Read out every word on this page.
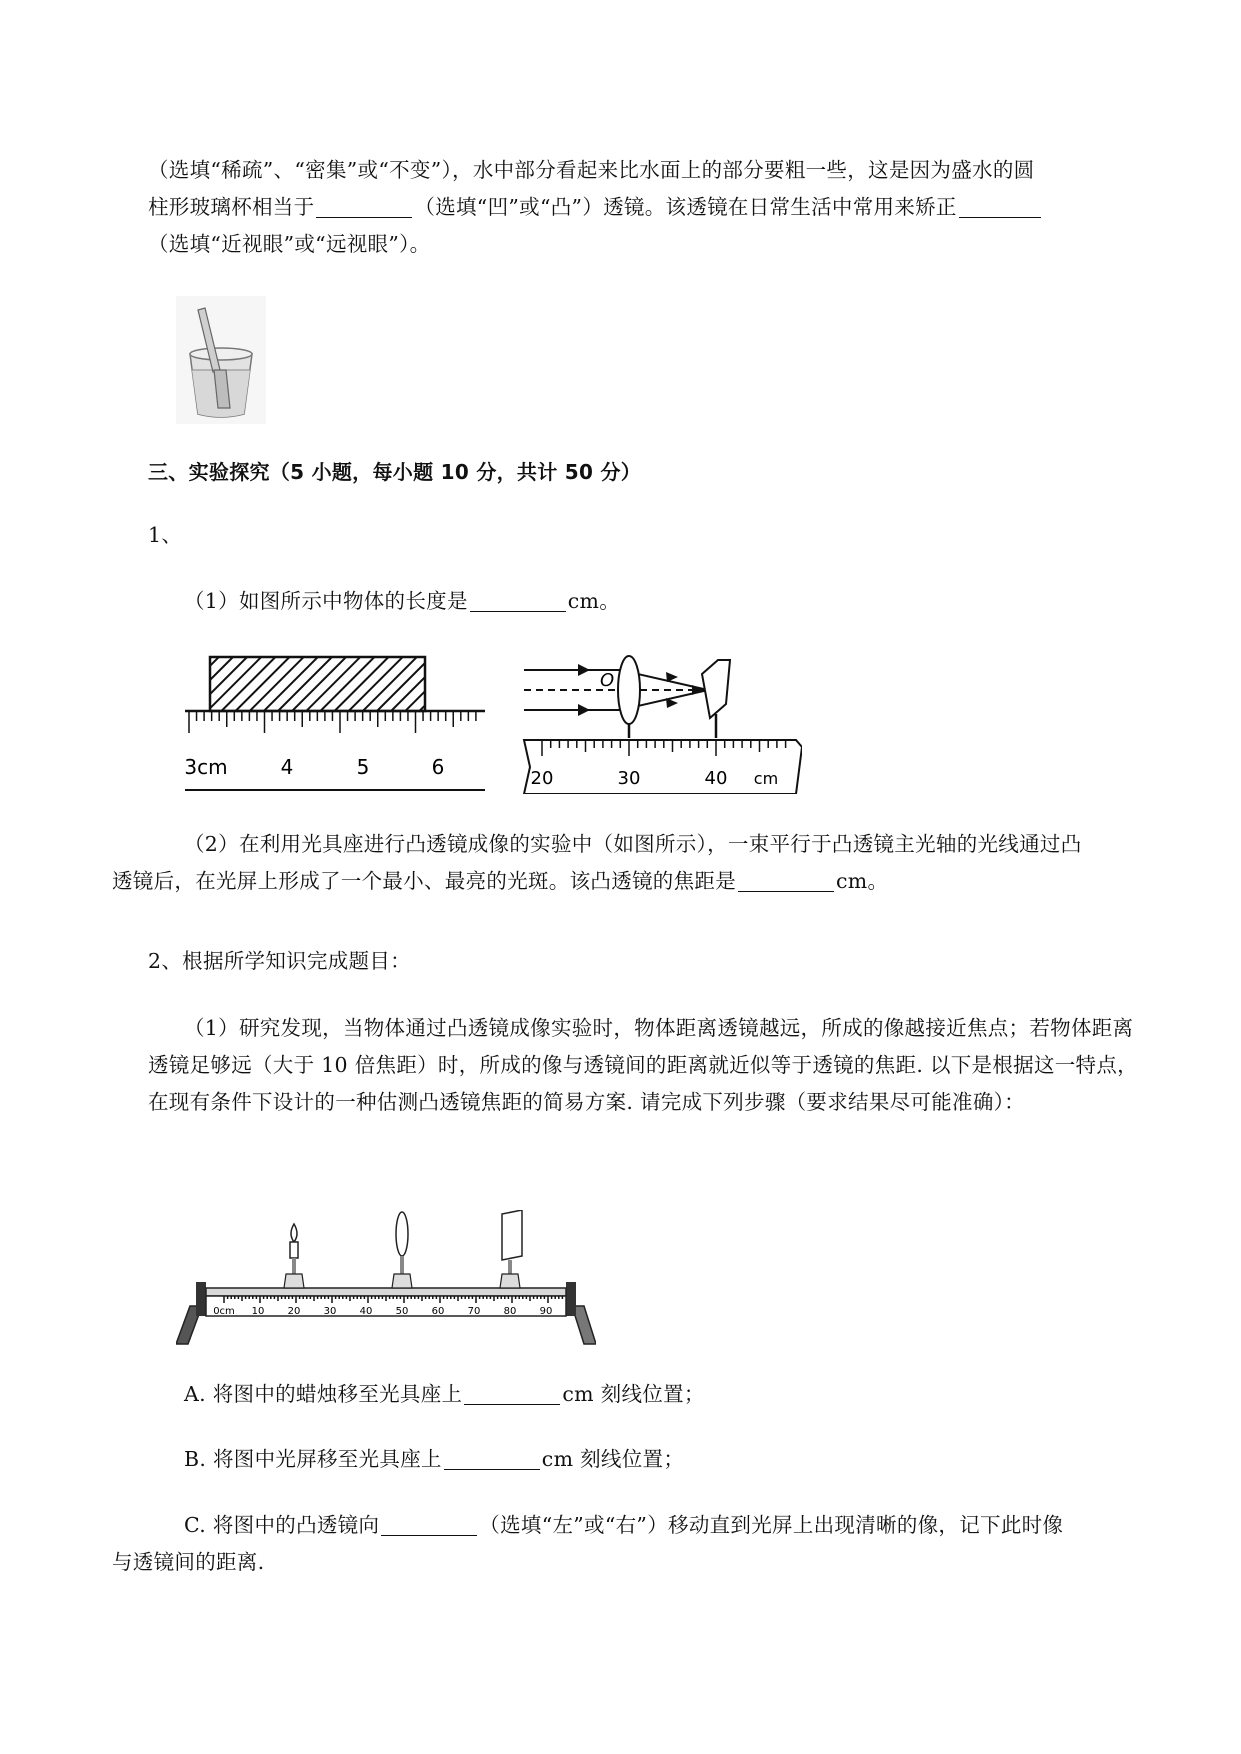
（选填“稀疏”、“密集”或“不变”），水中部分看起来比水面上的部分要粗一些，这是因为盛水的圆
柱形玻璃杯相当于	（选填“凹”或“凸”）透镜。该透镜在日常生活中常用来矫正
（选填“近视眼”或“远视眼”）。

三、实验探究（5 小题，每小题 10 分，共计 50 分）

1、

（1）如图所示中物体的长度是	cm。

3cm	4	5	6
O
20	30	40 cm

（2）在利用光具座进行凸透镜成像的实验中（如图所示），一束平行于凸透镜主光轴的光线通过凸
透镜后，在光屏上形成了一个最小、最亮的光斑。该凸透镜的焦距是	cm。

2、根据所学知识完成题目：

（1）研究发现，当物体通过凸透镜成像实验时，物体距离透镜越远，所成的像越接近焦点；若物体距离透镜足够远（大于 10 倍焦距）时，所成的像与透镜间的距离就近似等于透镜的焦距. 以下是根据这一特点，在现有条件下设计的一种估测凸透镜焦距的简易方案. 请完成下列步骤（要求结果尽可能准确）：

0cm 10 20 30 40 50 60 70 80 90

A. 将图中的蜡烛移至光具座上	cm 刻线位置；

B. 将图中光屏移至光具座上	cm 刻线位置；

C. 将图中的凸透镜向	（选填“左”或“右”）移动直到光屏上出现清晰的像，记下此时像
与透镜间的距离.
